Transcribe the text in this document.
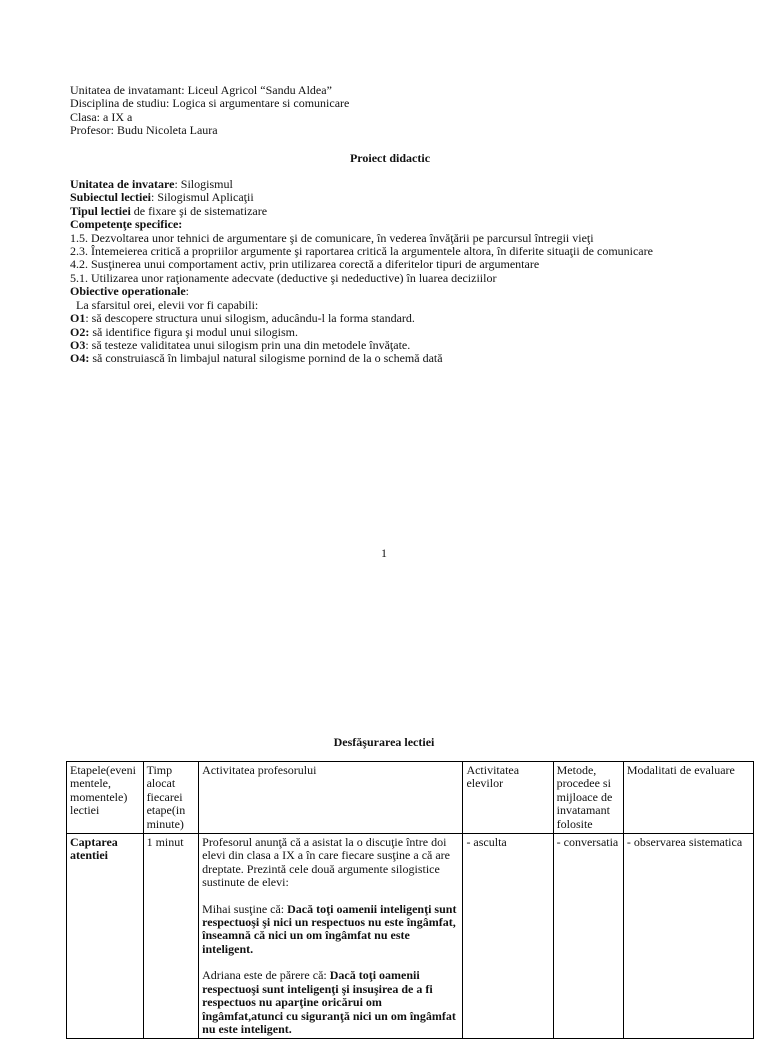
Unitatea de invatamant: Liceul Agricol “Sandu Aldea”
Disciplina de studiu: Logica si argumentare si comunicare
Clasa: a IX a
Profesor: Budu Nicoleta Laura
Proiect didactic
Unitatea de invatare: Silogismul
Subiectul lectiei: Silogismul Aplicaţii
Tipul lectiei de fixare şi de sistematizare
Competenţe specifice:
1.5. Dezvoltarea unor tehnici de argumentare şi de comunicare, în vederea învăţării pe parcursul întregii vieţi
2.3. Întemeierea critică a propriilor argumente şi raportarea critică la argumentele altora, în diferite situaţii de comunicare
4.2. Susţinerea unui comportament activ, prin utilizarea corectă a diferitelor tipuri de argumentare
5.1. Utilizarea unor raţionamente adecvate (deductive şi nedeductive) în luarea deciziilor
Obiective operationale:
La sfarsitul orei, elevii vor fi capabili:
O1: să descopere structura unui silogism, aducându-l la forma standard.
O2: să identifice figura şi modul unui silogism.
O3: să testeze validitatea unui silogism prin una din metodele învăţate.
O4: să construiască în limbajul natural silogisme pornind de la o schemă dată
1
Desfăşurarea lectiei
Etapele(eveni mentele, momentele) lectiei	Timp alocat fiecarei etape(in minute)	Activitatea profesorului	Activitatea elevilor	Metode, procedee si mijloace de invatamant folosite	Modalitati de evaluare
Captarea atentiei	1 minut	Profesorul anunţă că a asistat la o discuţie între doi elevi din clasa a IX a în care fiecare susţine a că are dreptate. Prezintă cele două argumente silogistice sustinute de elevi:

Mihai susţine că: Dacă toţi oamenii inteligenţi sunt respectuoşi şi nici un respectuos nu este îngâmfat, înseamnă că nici un om îngâmfat nu este inteligent.

Adriana este de părere că: Dacă toţi oamenii respectuoşi sunt inteligenţi şi insuşirea de a fi respectuos nu aparţine oricărui om îngâmfat,atunci cu siguranţă nici un om îngâmfat nu este inteligent.	- asculta	- conversatia	- observarea sistematica
